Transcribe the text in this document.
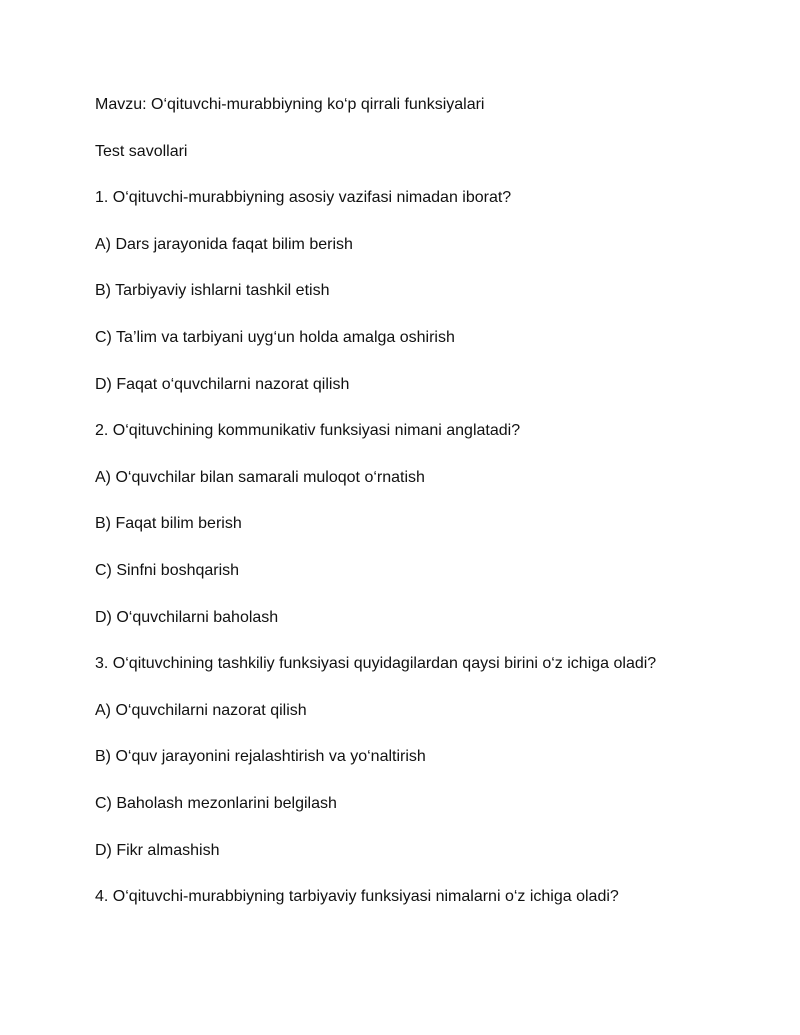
Mavzu: O‘qituvchi-murabbiyning ko‘p qirrali funksiyalari
Test savollari
1. O‘qituvchi-murabbiyning asosiy vazifasi nimadan iborat?
A) Dars jarayonida faqat bilim berish
B) Tarbiyaviy ishlarni tashkil etish
C) Ta’lim va tarbiyani uyg‘un holda amalga oshirish
D) Faqat o‘quvchilarni nazorat qilish
2. O‘qituvchining kommunikativ funksiyasi nimani anglatadi?
A) O‘quvchilar bilan samarali muloqot o‘rnatish
B) Faqat bilim berish
C) Sinfni boshqarish
D) O‘quvchilarni baholash
3. O‘qituvchining tashkiliy funksiyasi quyidagilardan qaysi birini o‘z ichiga oladi?
A) O‘quvchilarni nazorat qilish
B) O‘quv jarayonini rejalashtirish va yo‘naltirish
C) Baholash mezonlarini belgilash
D) Fikr almashish
4. O‘qituvchi-murabbiyning tarbiyaviy funksiyasi nimalarni o‘z ichiga oladi?
